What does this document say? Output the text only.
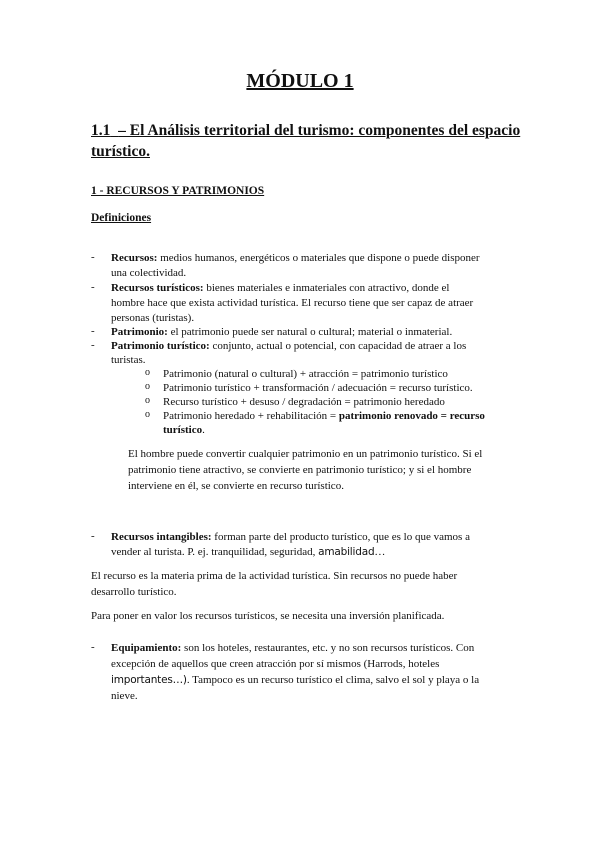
MÓDULO 1
1.1 – El Análisis territorial del turismo: componentes del espacio
turístico.
1 - RECURSOS Y PATRIMONIOS
Definiciones
- Recursos: medios humanos, energéticos o materiales que dispone o puede disponer
una colectividad.
- Recursos turísticos: bienes materiales e inmateriales con atractivo, donde el
hombre hace que exista actividad turística. El recurso tiene que ser capaz de atraer
personas (turistas).
- Patrimonio: el patrimonio puede ser natural o cultural; material o inmaterial.
- Patrimonio turístico: conjunto, actual o potencial, con capacidad de atraer a los
turistas.
o Patrimonio (natural o cultural) + atracción = patrimonio turístico
o Patrimonio turístico + transformación / adecuación = recurso turístico.
o Recurso turístico + desuso / degradación = patrimonio heredado
o Patrimonio heredado + rehabilitación = patrimonio renovado = recurso
turístico.
El hombre puede convertir cualquier patrimonio en un patrimonio turístico. Si el
patrimonio tiene atractivo, se convierte en patrimonio turístico; y si el hombre
interviene en él, se convierte en recurso turístico.
- Recursos intangibles: forman parte del producto turístico, que es lo que vamos a
vender al turista. P. ej. tranquilidad, seguridad, amabilidad…
El recurso es la materia prima de la actividad turística. Sin recursos no puede haber
desarrollo turístico.
Para poner en valor los recursos turísticos, se necesita una inversión planificada.
- Equipamiento: son los hoteles, restaurantes, etc. y no son recursos turísticos. Con
excepción de aquellos que creen atracción por sí mismos (Harrods, hoteles
importantes…). Tampoco es un recurso turístico el clima, salvo el sol y playa o la
nieve.
